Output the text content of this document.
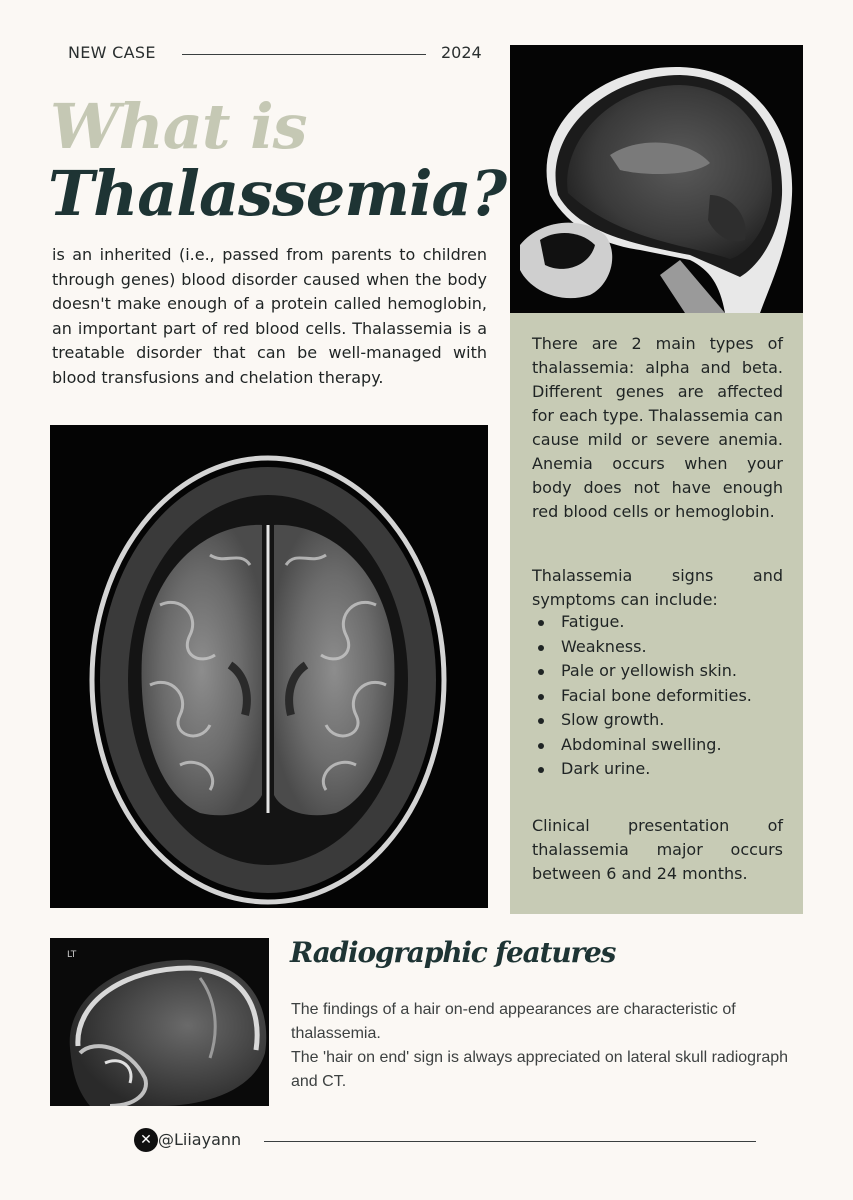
NEW CASE	2024
What is
Thalassemia?
is an inherited (i.e., passed from parents to children through genes) blood disorder caused when the body doesn't make enough of a protein called hemoglobin, an important part of red blood cells. Thalassemia is a treatable disorder that can be well-managed with blood transfusions and chelation therapy.
There are 2 main types of thalassemia: alpha and beta. Different genes are affected for each type. Thalassemia can cause mild or severe anemia. Anemia occurs when your body does not have enough red blood cells or hemoglobin.
Thalassemia signs and symptoms can include:
Fatigue.
Weakness.
Pale or yellowish skin.
Facial bone deformities.
Slow growth.
Abdominal swelling.
Dark urine.
Clinical presentation of thalassemia major occurs between 6 and 24 months.
LT	Radiographic features

The findings of a hair on-end appearances are characteristic of thalassemia.

The 'hair on end' sign is always appreciated on lateral skull radiograph and CT.

✕ @Liiayann
